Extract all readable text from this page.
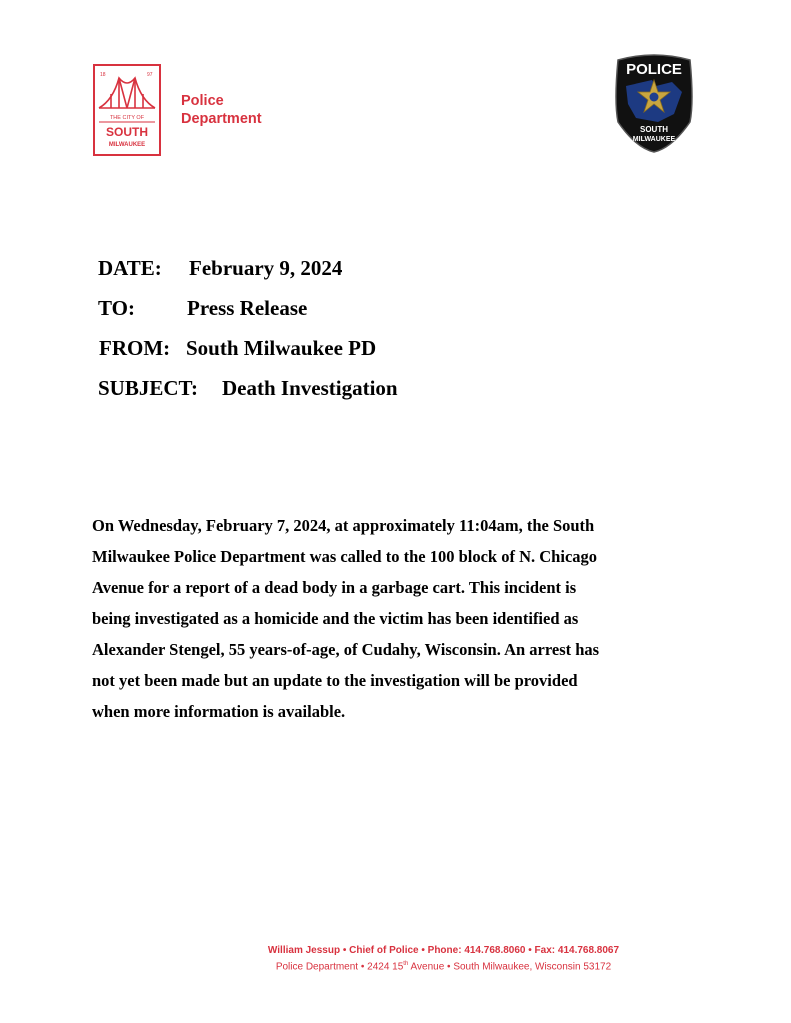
18	97
THE CITY OF
SOUTH
MILWAUKEE
Police
Department
POLICE
SOUTH
MILWAUKEE
DATE: February 9, 2024
TO: Press Release
FROM: South Milwaukee PD
SUBJECT: Death Investigation
On Wednesday, February 7, 2024, at approximately 11:04am, the South
Milwaukee Police Department was called to the 100 block of N. Chicago
Avenue for a report of a dead body in a garbage cart. This incident is
being investigated as a homicide and the victim has been identified as
Alexander Stengel, 55 years-of-age, of Cudahy, Wisconsin. An arrest has
not yet been made but an update to the investigation will be provided
when more information is available.
William Jessup • Chief of Police • Phone: 414.768.8060 • Fax: 414.768.8067
Police Department • 2424 15th Avenue • South Milwaukee, Wisconsin 53172
